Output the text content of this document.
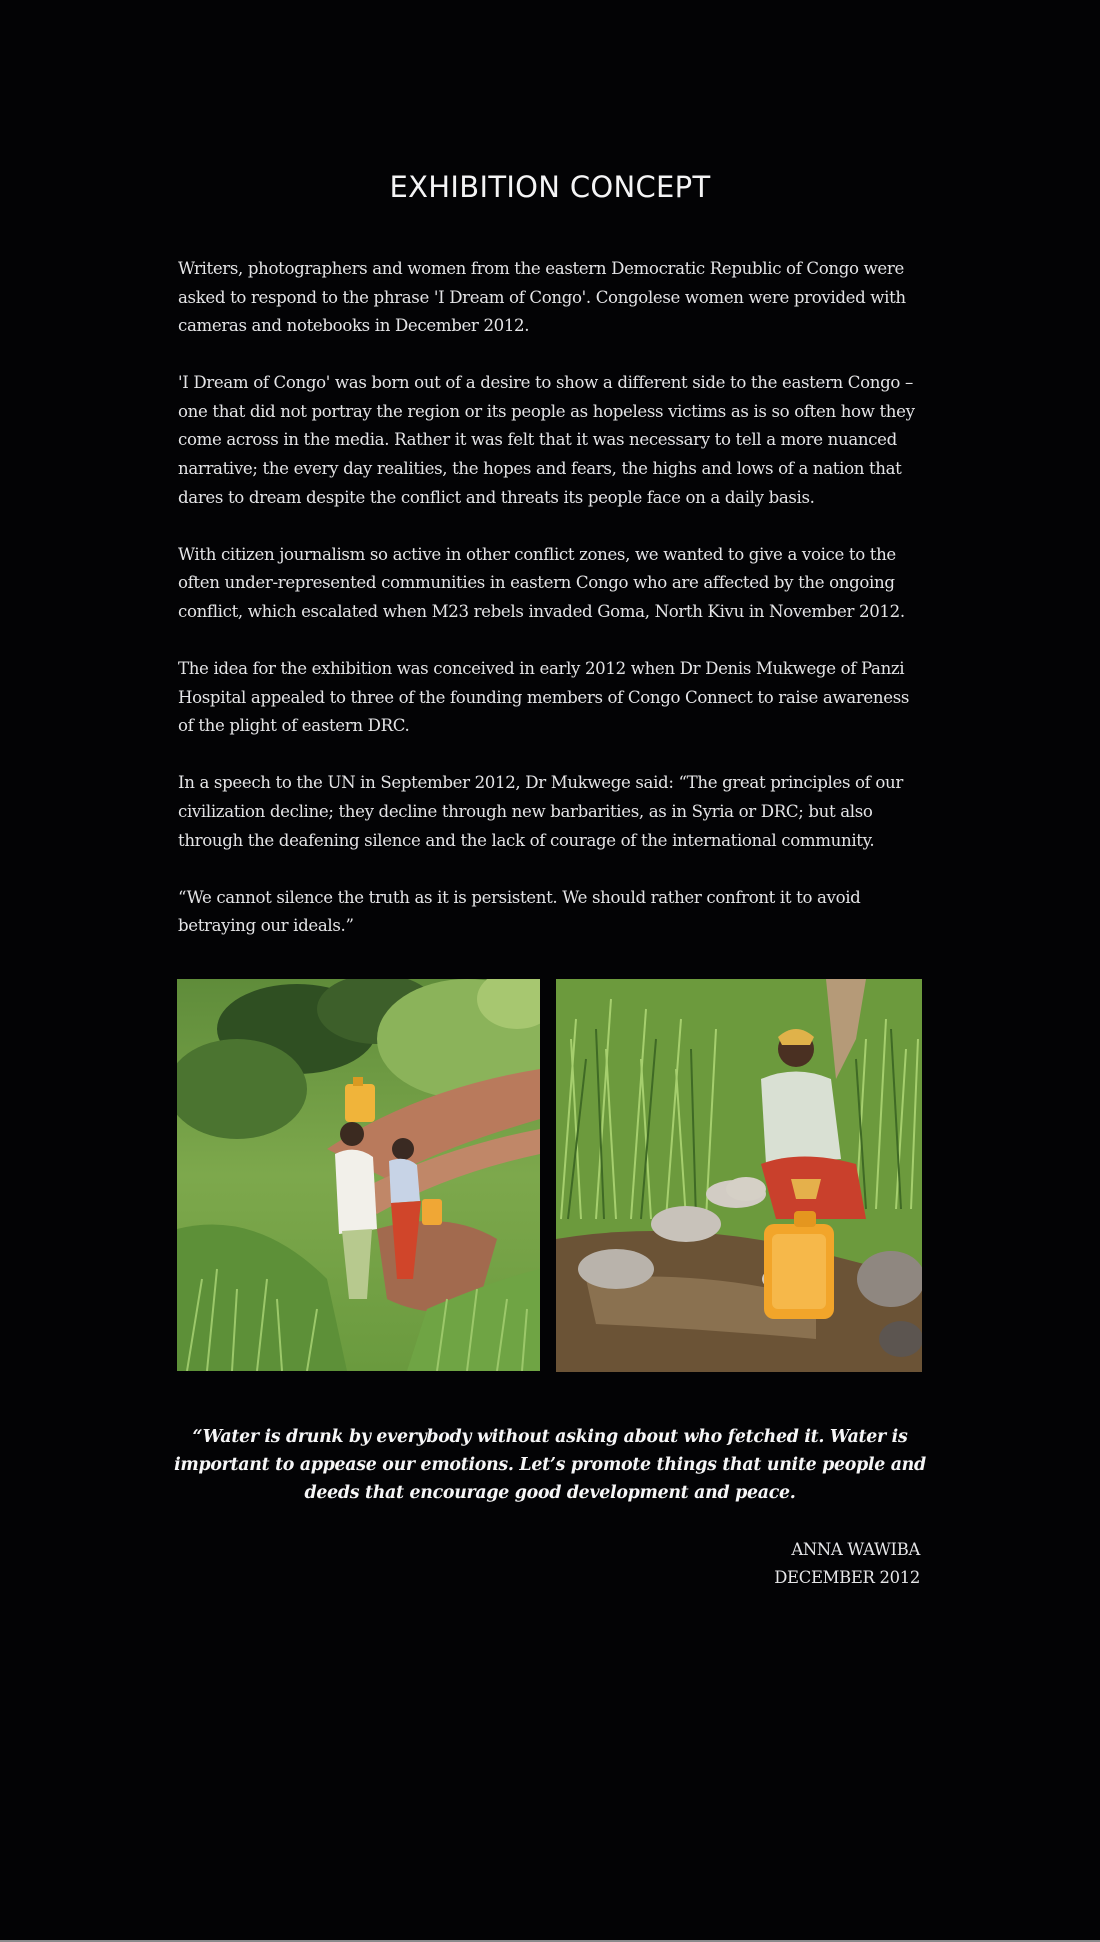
EXHIBITION CONCEPT

Writers, photographers and women from the eastern Democratic Republic of Congo were asked to respond to the phrase 'I Dream of Congo'. Congolese women were provided with cameras and notebooks in December 2012.

'I Dream of Congo' was born out of a desire to show a different side to the eastern Congo – one that did not portray the region or its people as hopeless victims as is so often how they come across in the media. Rather it was felt that it was necessary to tell a more nuanced narrative; the every day realities, the hopes and fears, the highs and lows of a nation that dares to dream despite the conflict and threats its people face on a daily basis.

With citizen journalism so active in other conflict zones, we wanted to give a voice to the often under-represented communities in eastern Congo who are affected by the ongoing conflict, which escalated when M23 rebels invaded Goma, North Kivu in November 2012.

The idea for the exhibition was conceived in early 2012 when Dr Denis Mukwege of Panzi Hospital appealed to three of the founding members of Congo Connect to raise awareness of the plight of eastern DRC.

In a speech to the UN in September 2012, Dr Mukwege said: “The great principles of our civilization decline; they decline through new barbarities, as in Syria or DRC; but also through the deafening silence and the lack of courage of the international community.

“We cannot silence the truth as it is persistent. We should rather confront it to avoid betraying our ideals.”

“Water is drunk by everybody without asking about who fetched it. Water is important to appease our emotions. Let’s promote things that unite people and deeds that encourage good development and peace.

ANNA WAWIBA
DECEMBER 2012
